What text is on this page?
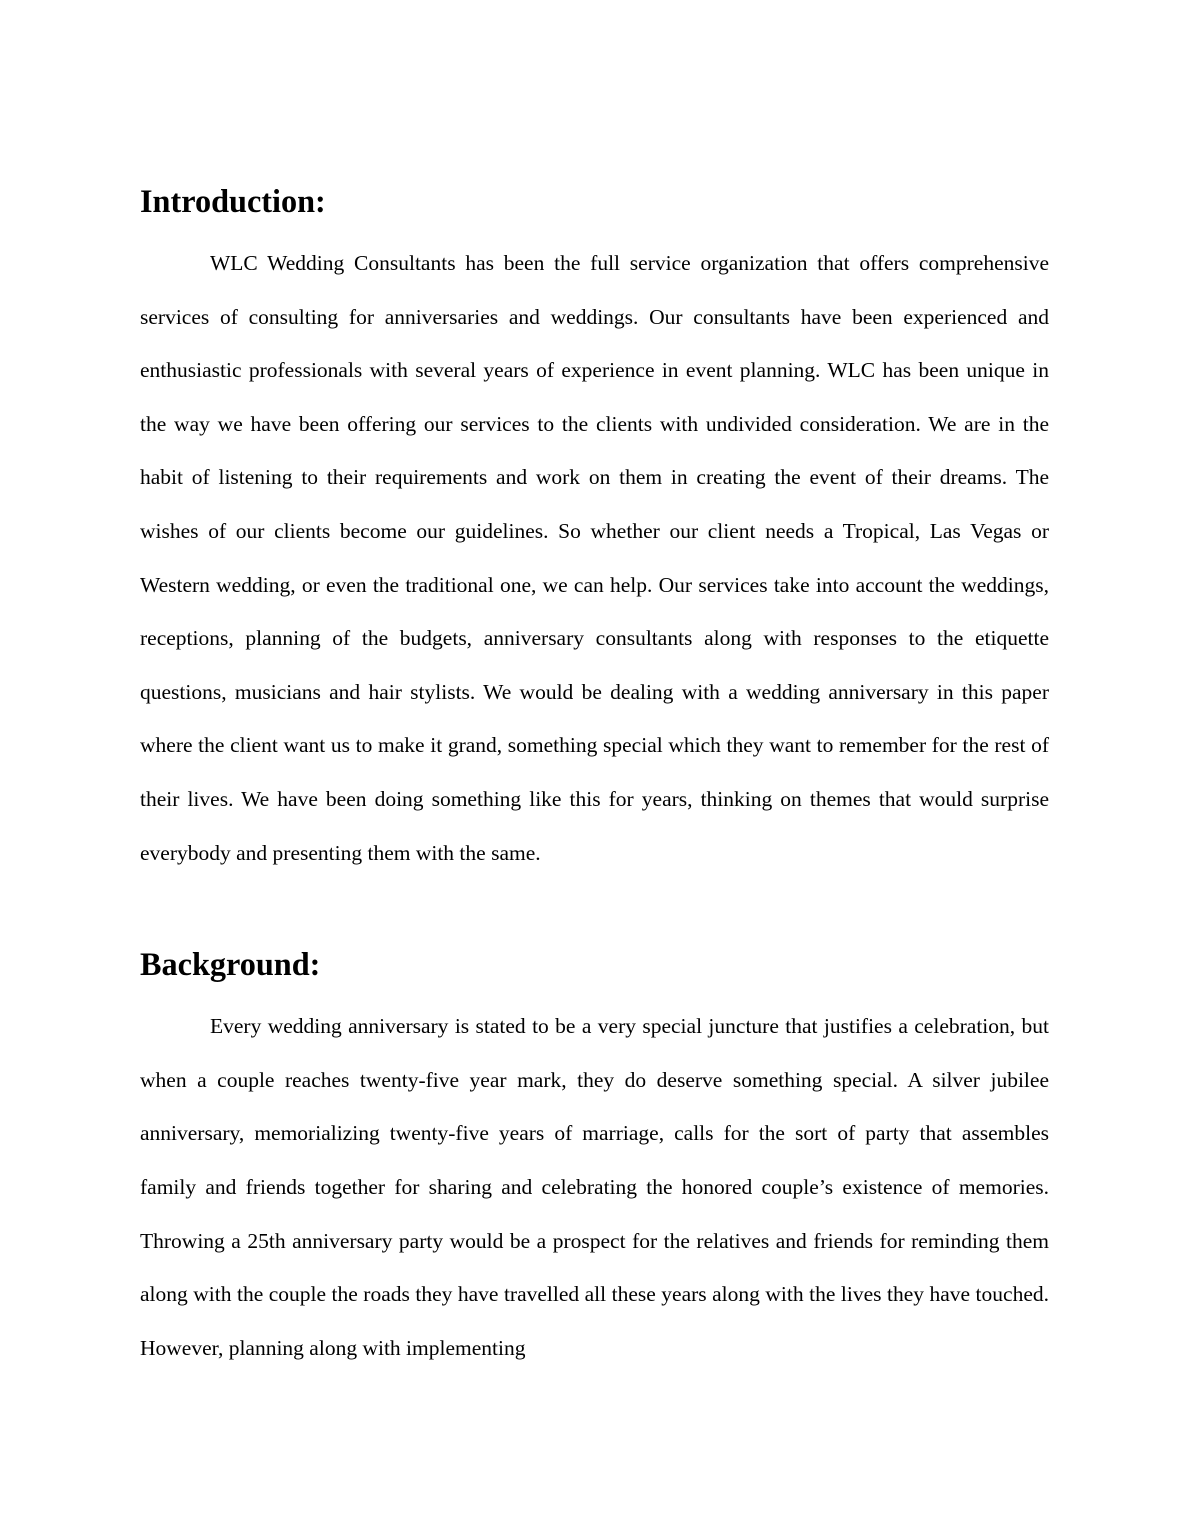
Introduction:

WLC Wedding Consultants has been the full service organization that offers comprehensive services of consulting for anniversaries and weddings. Our consultants have been experienced and enthusiastic professionals with several years of experience in event planning. WLC has been unique in the way we have been offering our services to the clients with undivided consideration. We are in the habit of listening to their requirements and work on them in creating the event of their dreams. The wishes of our clients become our guidelines. So whether our client needs a Tropical, Las Vegas or Western wedding, or even the traditional one, we can help. Our services take into account the weddings, receptions, planning of the budgets, anniversary consultants along with responses to the etiquette questions, musicians and hair stylists. We would be dealing with a wedding anniversary in this paper where the client want us to make it grand, something special which they want to remember for the rest of their lives. We have been doing something like this for years, thinking on themes that would surprise everybody and presenting them with the same.

Background:

Every wedding anniversary is stated to be a very special juncture that justifies a celebration, but when a couple reaches twenty-five year mark, they do deserve something special. A silver jubilee anniversary, memorializing twenty-five years of marriage, calls for the sort of party that assembles family and friends together for sharing and celebrating the honored couple’s existence of memories. Throwing a 25th anniversary party would be a prospect for the relatives and friends for reminding them along with the couple the roads they have travelled all these years along with the lives they have touched. However, planning along with implementing
